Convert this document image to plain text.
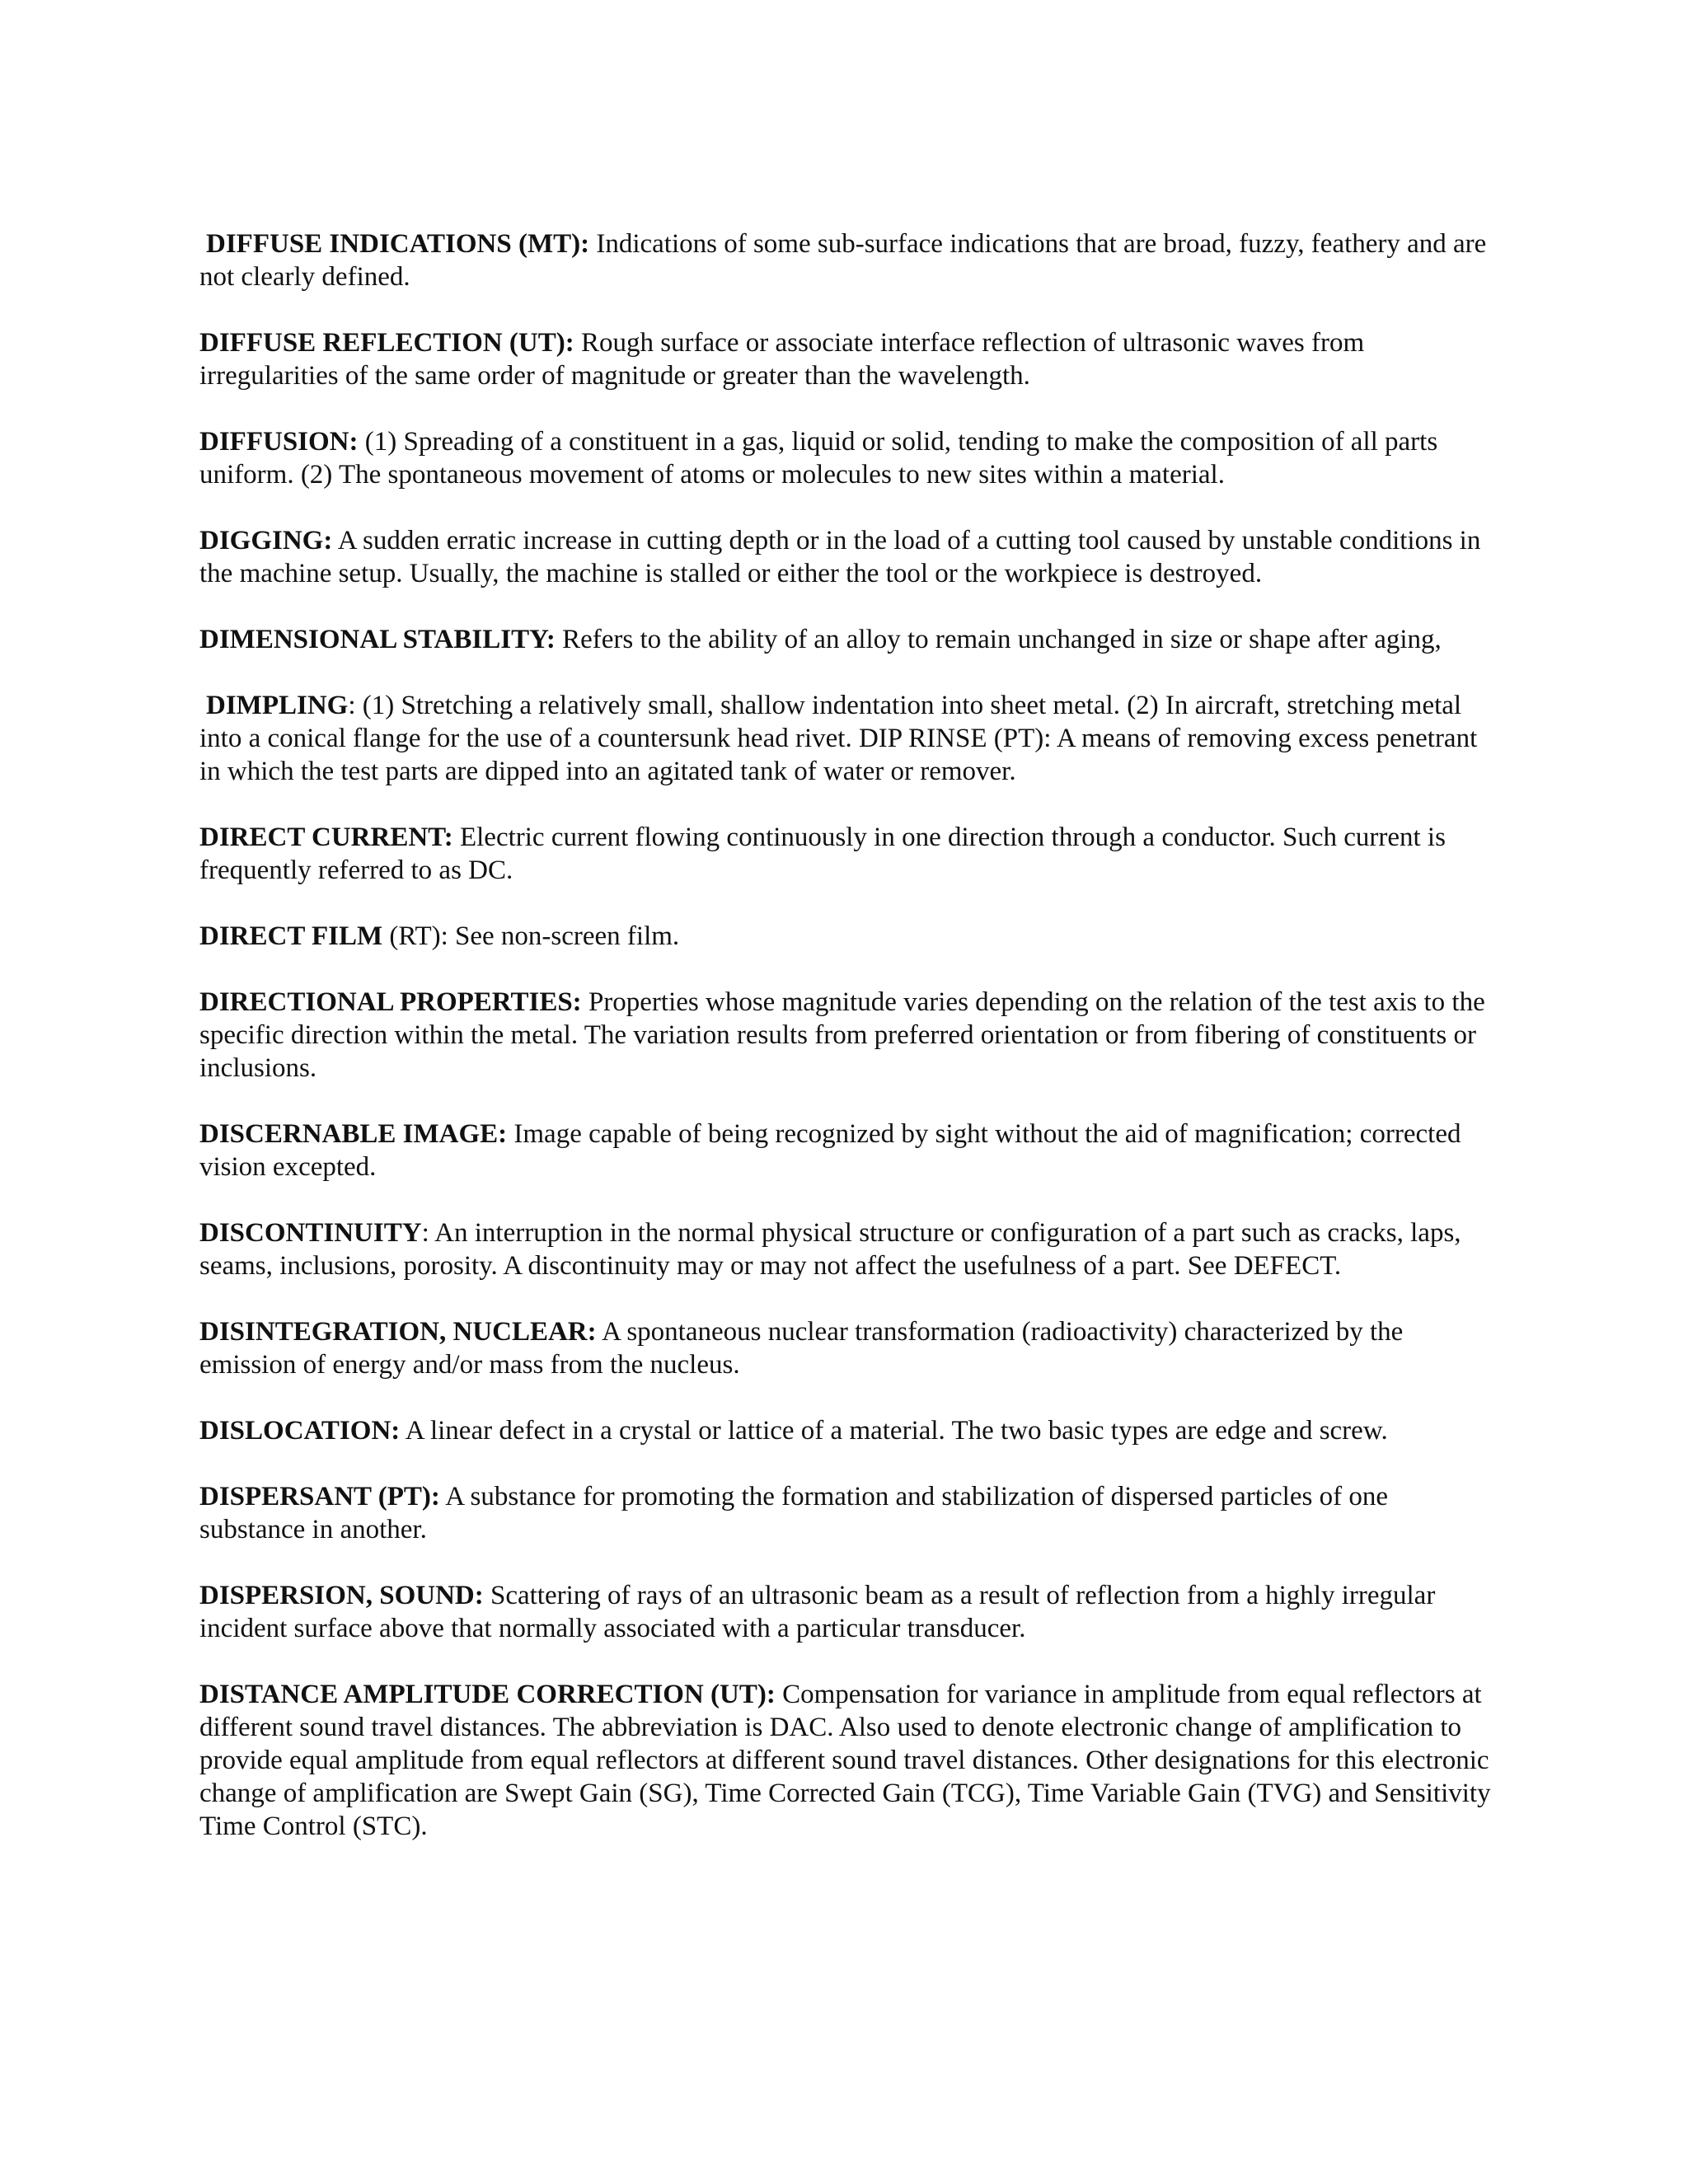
DIFFUSE INDICATIONS (MT): Indications of some sub-surface indications that are broad, fuzzy, feathery and are not clearly defined.

DIFFUSE REFLECTION (UT): Rough surface or associate interface reflection of ultrasonic waves from irregularities of the same order of magnitude or greater than the wavelength.

DIFFUSION: (1) Spreading of a constituent in a gas, liquid or solid, tending to make the composition of all parts uniform. (2) The spontaneous movement of atoms or molecules to new sites within a material.

DIGGING: A sudden erratic increase in cutting depth or in the load of a cutting tool caused by unstable conditions in the machine setup. Usually, the machine is stalled or either the tool or the workpiece is destroyed.

DIMENSIONAL STABILITY: Refers to the ability of an alloy to remain unchanged in size or shape after aging,

DIMPLING: (1) Stretching a relatively small, shallow indentation into sheet metal. (2) In aircraft, stretching metal into a conical flange for the use of a countersunk head rivet. DIP RINSE (PT): A means of removing excess penetrant in which the test parts are dipped into an agitated tank of water or remover.

DIRECT CURRENT: Electric current flowing continuously in one direction through a conductor. Such current is frequently referred to as DC.

DIRECT FILM (RT): See non-screen film.

DIRECTIONAL PROPERTIES: Properties whose magnitude varies depending on the relation of the test axis to the specific direction within the metal. The variation results from preferred orientation or from fibering of constituents or inclusions.

DISCERNABLE IMAGE: Image capable of being recognized by sight without the aid of magnification; corrected vision excepted.

DISCONTINUITY: An interruption in the normal physical structure or configuration of a part such as cracks, laps, seams, inclusions, porosity. A discontinuity may or may not affect the usefulness of a part. See DEFECT.

DISINTEGRATION, NUCLEAR: A spontaneous nuclear transformation (radioactivity) characterized by the emission of energy and/or mass from the nucleus.

DISLOCATION: A linear defect in a crystal or lattice of a material. The two basic types are edge and screw.

DISPERSANT (PT): A substance for promoting the formation and stabilization of dispersed particles of one substance in another.

DISPERSION, SOUND: Scattering of rays of an ultrasonic beam as a result of reflection from a highly irregular incident surface above that normally associated with a particular transducer.

DISTANCE AMPLITUDE CORRECTION (UT): Compensation for variance in amplitude from equal reflectors at different sound travel distances. The abbreviation is DAC. Also used to denote electronic change of amplification to provide equal amplitude from equal reflectors at different sound travel distances. Other designations for this electronic change of amplification are Swept Gain (SG), Time Corrected Gain (TCG), Time Variable Gain (TVG) and Sensitivity Time Control (STC).
